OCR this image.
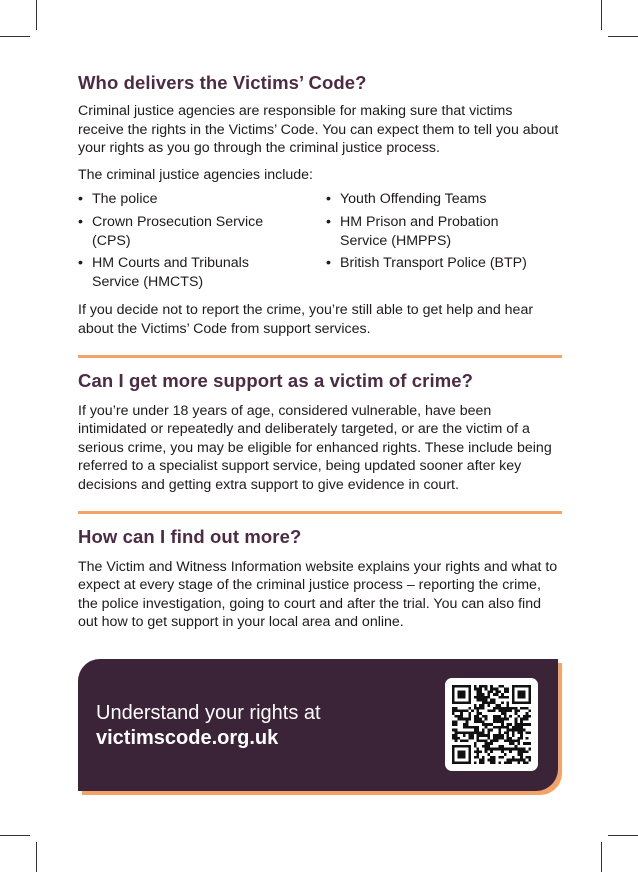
Who delivers the Victims’ Code?

Criminal justice agencies are responsible for making sure that victims receive the rights in the Victims’ Code. You can expect them to tell you about your rights as you go through the criminal justice process.

The criminal justice agencies include:

• The police
• Crown Prosecution Service (CPS)
• HM Courts and Tribunals Service (HMCTS)
• Youth Offending Teams
• HM Prison and Probation Service (HMPPS)
• British Transport Police (BTP)

If you decide not to report the crime, you’re still able to get help and hear about the Victims’ Code from support services.

Can I get more support as a victim of crime?

If you’re under 18 years of age, considered vulnerable, have been intimidated or repeatedly and deliberately targeted, or are the victim of a serious crime, you may be eligible for enhanced rights. These include being referred to a specialist support service, being updated sooner after key decisions and getting extra support to give evidence in court.

How can I find out more?

The Victim and Witness Information website explains your rights and what to expect at every stage of the criminal justice process – reporting the crime, the police investigation, going to court and after the trial. You can also find out how to get support in your local area and online.

Understand your rights at
victimscode.org.uk
